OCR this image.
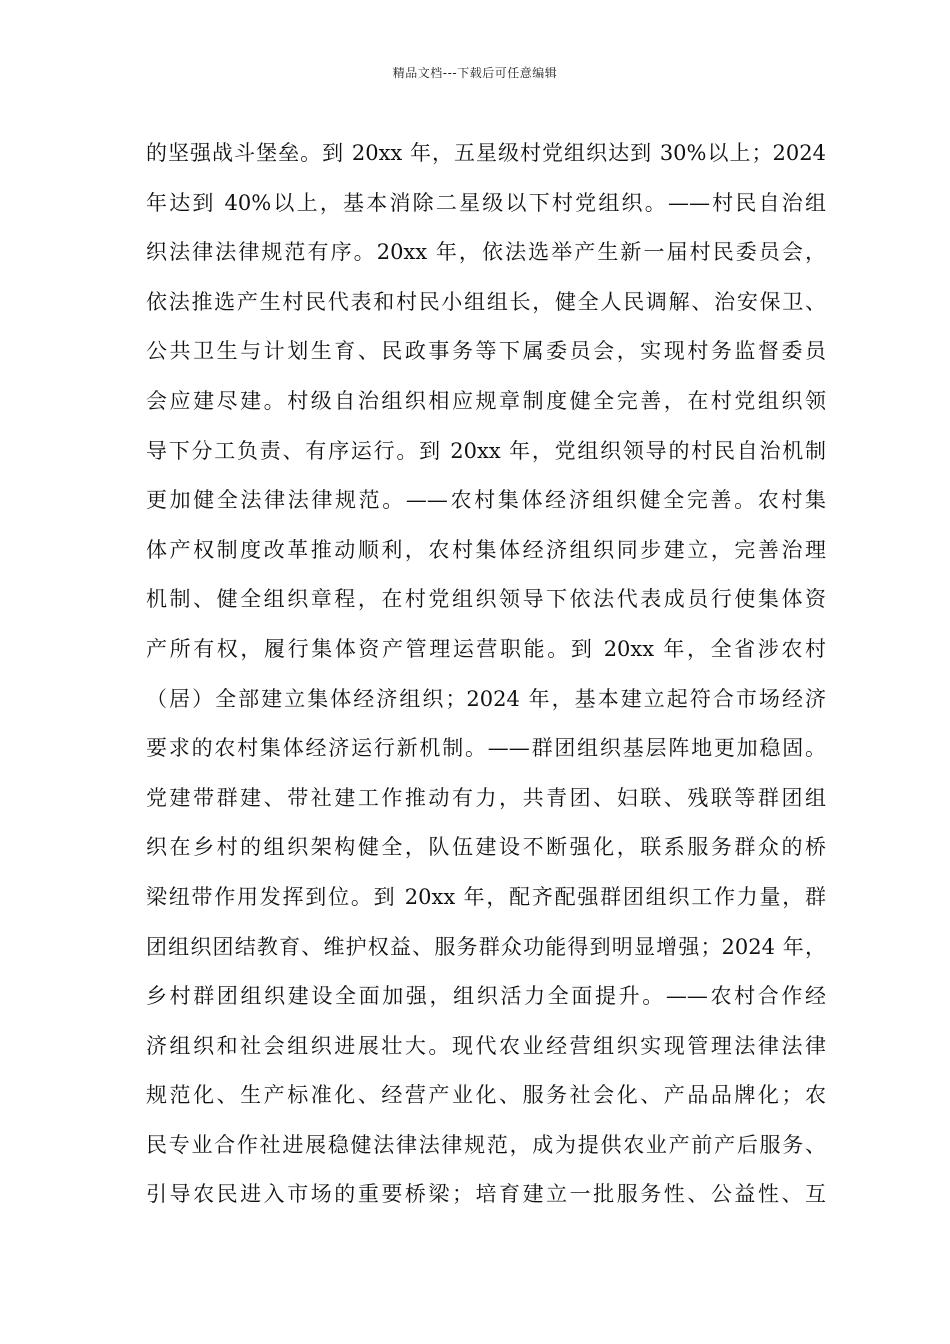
精品文档---下载后可任意编辑
的坚强战斗堡垒。到 20xx 年，五星级村党组织达到 30%以上；2024
年达到 40%以上，基本消除二星级以下村党组织。——村民自治组
织法律法律规范有序。20xx 年，依法选举产生新一届村民委员会，
依法推选产生村民代表和村民小组组长，健全人民调解、治安保卫、
公共卫生与计划生育、民政事务等下属委员会，实现村务监督委员
会应建尽建。村级自治组织相应规章制度健全完善，在村党组织领
导下分工负责、有序运行。到 20xx 年，党组织领导的村民自治机制
更加健全法律法律规范。——农村集体经济组织健全完善。农村集
体产权制度改革推动顺利，农村集体经济组织同步建立，完善治理
机制、健全组织章程，在村党组织领导下依法代表成员行使集体资
产所有权，履行集体资产管理运营职能。到 20xx 年，全省涉农村
（居）全部建立集体经济组织；2024 年，基本建立起符合市场经济
要求的农村集体经济运行新机制。——群团组织基层阵地更加稳固。
党建带群建、带社建工作推动有力，共青团、妇联、残联等群团组
织在乡村的组织架构健全，队伍建设不断强化，联系服务群众的桥
梁纽带作用发挥到位。到 20xx 年，配齐配强群团组织工作力量，群
团组织团结教育、维护权益、服务群众功能得到明显增强；2024 年，
乡村群团组织建设全面加强，组织活力全面提升。——农村合作经
济组织和社会组织进展壮大。现代农业经营组织实现管理法律法律
规范化、生产标准化、经营产业化、服务社会化、产品品牌化；农
民专业合作社进展稳健法律法律规范，成为提供农业产前产后服务、
引导农民进入市场的重要桥梁；培育建立一批服务性、公益性、互
